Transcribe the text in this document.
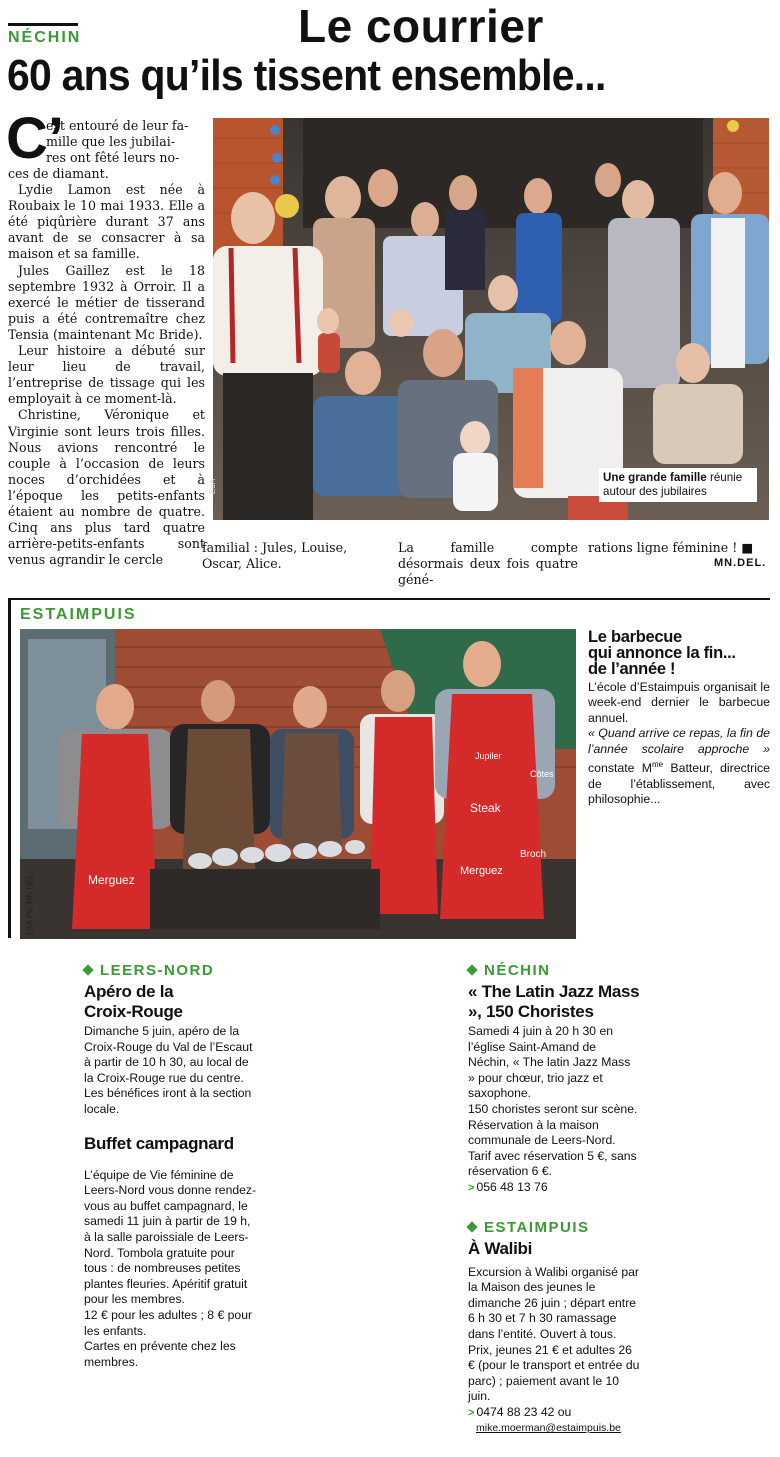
Le courrier
NÉCHIN
60 ans qu’ils tissent ensemble...
C’
est entouré de leur fa-
mille que les jubilai-
res ont fêté leurs no-

ces de diamant.

Lydie Lamon est née à Roubaix le 10 mai 1933. Elle a été piqûrière durant 37 ans avant de se consacrer à sa maison et sa famille.

Jules Gaillez est le 18 septembre 1932 à Orroir. Il a exercé le métier de tisserand puis a été contremaître chez Tensia (maintenant Mc Bride).

Leur histoire a débuté sur leur lieu de travail, l’entreprise de tissage qui les employait à ce moment-là.

Christine, Véronique et Virginie sont leurs trois filles. Nous avions rencontré le couple à l’occasion de leurs noces d’orchidées et à l’époque les petits-enfants étaient au nombre de quatre. Cinq ans plus tard quatre arrière-petits-enfants sont venus agrandir le cercle

Une grande famille réunie autour des jubilaires
EdA
familial : Jules, Louise, Oscar, Alice.
La famille compte désormais deux fois quatre géné-
rations ligne féminine ! ■
MN.DEL.
ESTAIMPUIS
Merguez
Steak
Merguez
Broch
Côtes
Jupiler
EdA Ph. MN.DEL.
Le barbecue
qui annonce la fin...
de l’année !
L’école d’Estaimpuis organisait le week-end dernier le barbecue annuel.
« Quand arrive ce repas, la fin de l’année scolaire approche » constate $M^{me}$ Batteur, directrice de l’établissement, avec philosophie...
LEERS-NORD
Apéro de la Croix-Rouge
Dimanche 5 juin, apéro de la Croix-Rouge du Val de l’Escaut à partir de 10 h 30, au local de la Croix-Rouge rue du centre. Les bénéfices iront à la section locale.
Buffet campagnard
L’équipe de Vie féminine de Leers-Nord vous donne rendez-vous au buffet campagnard, le samedi 11 juin à partir de 19 h, à la salle paroissiale de Leers-Nord. Tombola gratuite pour tous : de nombreuses petites plantes fleuries. Apéritif gratuit pour les membres.
12 € pour les adultes ; 8 € pour les enfants.
Cartes en prévente chez les membres.
NÉCHIN
« The Latin Jazz Mass », 150 Choristes
Samedi 4 juin à 20 h 30 en l’église Saint-Amand de Néchin, « The latin Jazz Mass » pour chœur, trio jazz et saxophone.
150 choristes seront sur scène.
Réservation à la maison communale de Leers-Nord. Tarif avec réservation 5 €, sans réservation 6 €.
> 056 48 13 76
ESTAIMPUIS
À Walibi
Excursion à Walibi organisé par la Maison des jeunes le dimanche 26 juin ; départ entre 6 h 30 et 7 h 30 ramassage dans l’entité. Ouvert à tous. Prix, jeunes 21 € et adultes 26 € (pour le transport et entrée du parc) ; paiement avant le 10 juin.
> 0474 88 23 42 ou
mike.moerman@estaimpuis.be
